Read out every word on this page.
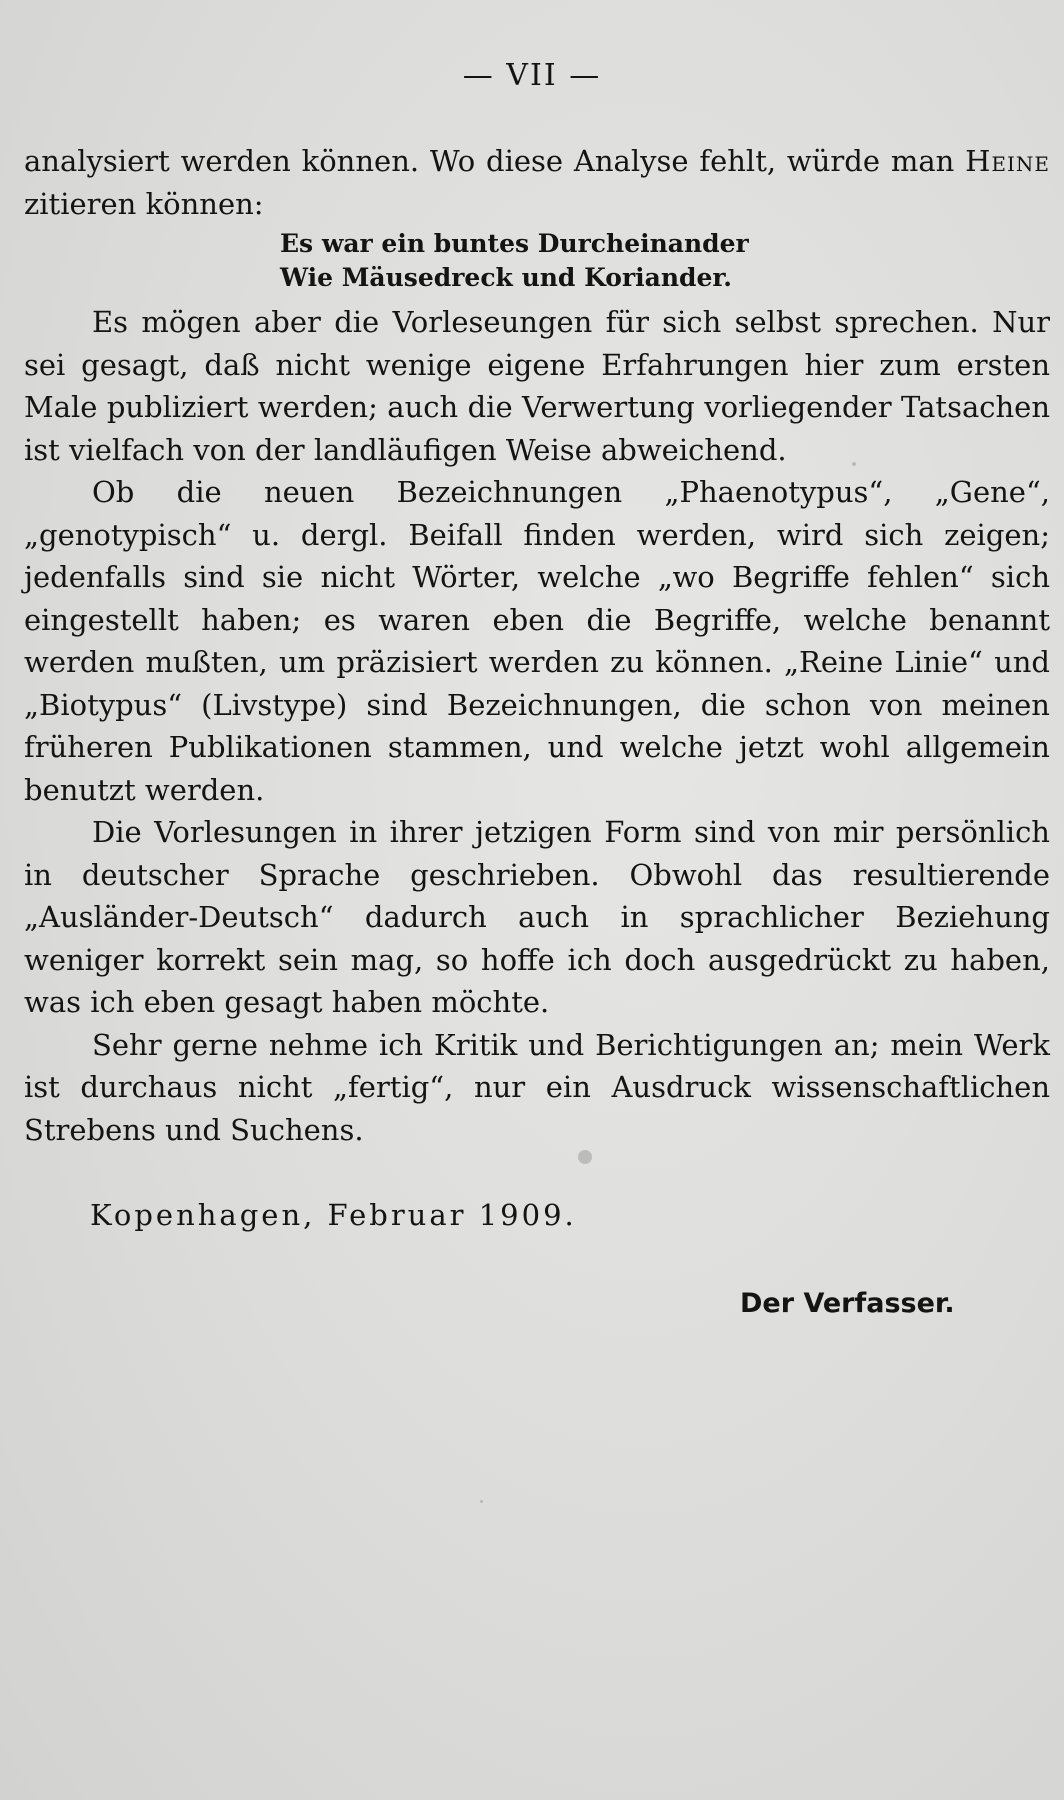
— VII —

analysiert werden können. Wo diese Analyse fehlt, würde man Heine zitieren können:

Es war ein buntes Durcheinander
Wie Mäusedreck und Koriander.

Es mögen aber die Vorleseungen für sich selbst sprechen. Nur sei gesagt, daß nicht wenige eigene Erfahrungen hier zum ersten Male publiziert werden; auch die Verwertung vorliegender Tatsachen ist vielfach von der landläufigen Weise abweichend.

Ob die neuen Bezeichnungen „Phaenotypus“, „Gene“, „genotypisch“ u. dergl. Beifall finden werden, wird sich zeigen; jedenfalls sind sie nicht Wörter, welche „wo Begriffe fehlen“ sich eingestellt haben; es waren eben die Begriffe, welche benannt werden mußten, um präzisiert werden zu können. „Reine Linie“ und „Biotypus“ (Livstype) sind Bezeichnungen, die schon von meinen früheren Publikationen stammen, und welche jetzt wohl allgemein benutzt werden.

Die Vorlesungen in ihrer jetzigen Form sind von mir persönlich in deutscher Sprache geschrieben. Obwohl das resultierende „Ausländer-Deutsch“ dadurch auch in sprachlicher Beziehung weniger korrekt sein mag, so hoffe ich doch ausgedrückt zu haben, was ich eben gesagt haben möchte.

Sehr gerne nehme ich Kritik und Berichtigungen an; mein Werk ist durchaus nicht „fertig“, nur ein Ausdruck wissenschaftlichen Strebens und Suchens.

Kopenhagen, Februar 1909.
Der Verfasser.
